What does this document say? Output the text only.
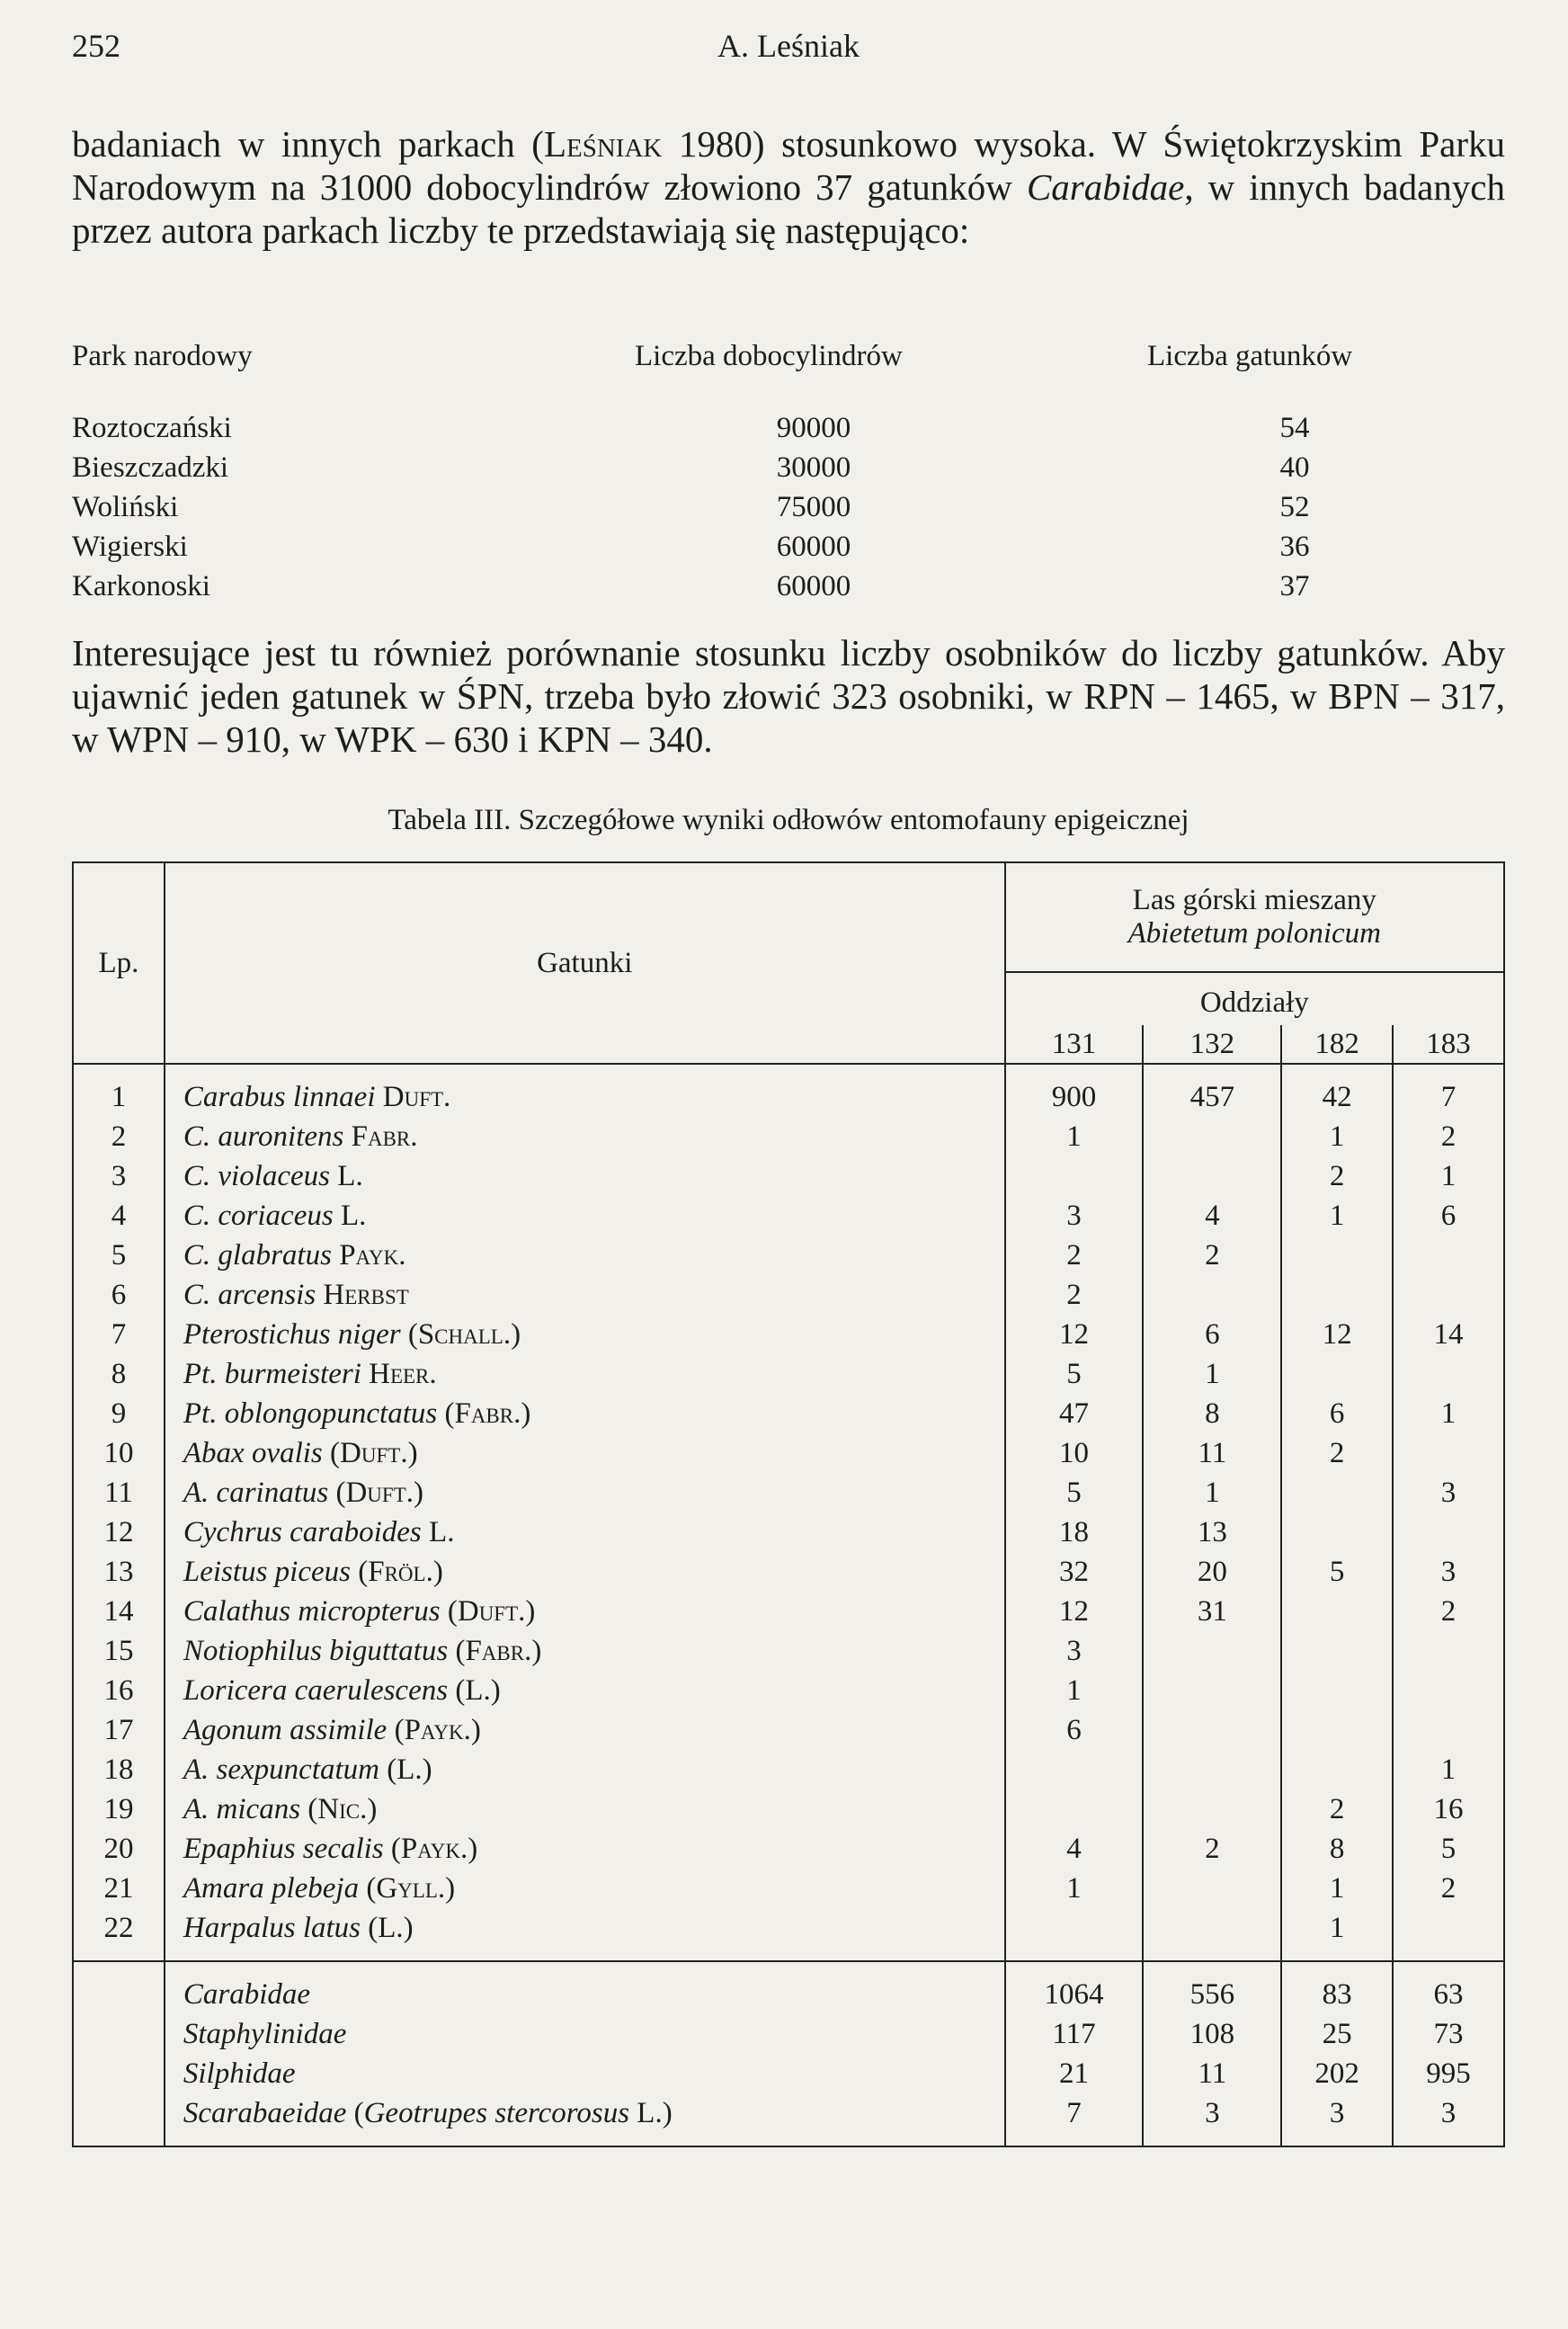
252	A. Leśniak
badaniach w innych parkach (Leśniak 1980) stosunkowo wysoka. W Świętokrzyskim Parku Narodowym na 31000 dobocylindrów złowiono 37 gatunków Carabidae, w innych badanych przez autora parkach liczby te przedstawiają się następująco:
Park narodowy	Liczba dobocylindrów	Liczba gatunków
Roztoczański	90000	54
Bieszczadzki	30000	40
Woliński	75000	52
Wigierski	60000	36
Karkonoski	60000	37
Interesujące jest tu również porównanie stosunku liczby osobników do liczby gatunków. Aby ujawnić jeden gatunek w ŚPN, trzeba było złowić 323 osobniki, w RPN – 1465, w BPN – 317, w WPN – 910, w WPK – 630 i KPN – 340.
Tabela III. Szczegółowe wyniki odłowów entomofauny epigeicznej
Lp.	Gatunki	Las górski mieszany
Abietetum polonicum			

		Oddziały			
		131	132	182	183
1	Carabus linnaei Duft.	900	457	42	7
2	C. auronitens Fabr.	1		1	2
3	C. violaceus L.			2	1
4	C. coriaceus L.	3	4	1	6
5	C. glabratus Payk.	2	2		
6	C. arcensis Herbst	2			
7	Pterostichus niger (Schall.)	12	6	12	14
8	Pt. burmeisteri Heer.	5	1		
9	Pt. oblongopunctatus (Fabr.)	47	8	6	1
10	Abax ovalis (Duft.)	10	11	2	
11	A. carinatus (Duft.)	5	1		3
12	Cychrus caraboides L.	18	13		
13	Leistus piceus (Fröl.)	32	20	5	3
14	Calathus micropterus (Duft.)	12	31		2
15	Notiophilus biguttatus (Fabr.)	3			
16	Loricera caerulescens (L.)	1			
17	Agonum assimile (Payk.)	6			
18	A. sexpunctatum (L.)				1
19	A. micans (Nic.)			2	16
20	Epaphius secalis (Payk.)	4	2	8	5
21	Amara plebeja (Gyll.)	1		1	2
22	Harpalus latus (L.)			1	
	Carabidae	1064	556	83	63
	Staphylinidae	117	108	25	73
	Silphidae	21	11	202	995
	Scarabaeidae (Geotrupes stercorosus L.)	7	3	3	3
